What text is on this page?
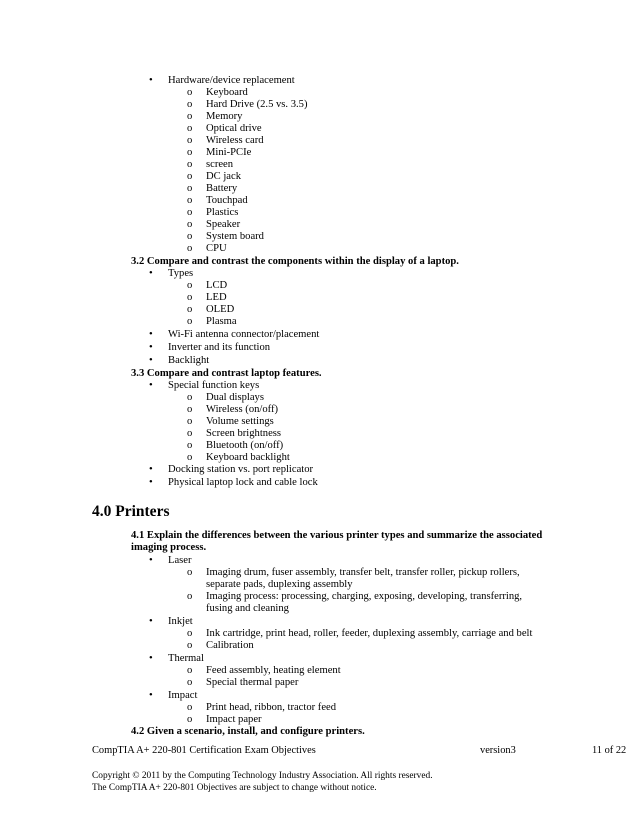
• Hardware/device replacement
o Keyboard
o Hard Drive (2.5 vs. 3.5)
o Memory
o Optical drive
o Wireless card
o Mini-PCIe
o screen
o DC jack
o Battery
o Touchpad
o Plastics
o Speaker
o System board
o CPU
3.2 Compare and contrast the components within the display of a laptop.
• Types
o LCD
o LED
o OLED
o Plasma
• Wi-Fi antenna connector/placement
• Inverter and its function
• Backlight
3.3 Compare and contrast laptop features.
• Special function keys
o Dual displays
o Wireless (on/off)
o Volume settings
o Screen brightness
o Bluetooth (on/off)
o Keyboard backlight
• Docking station vs. port replicator
• Physical laptop lock and cable lock
4.0 Printers
4.1 Explain the differences between the various printer types and summarize the associated
imaging process.
• Laser
o Imaging drum, fuser assembly, transfer belt, transfer roller, pickup rollers,
separate pads, duplexing assembly
o Imaging process: processing, charging, exposing, developing, transferring,
fusing and cleaning
• Inkjet
o Ink cartridge, print head, roller, feeder, duplexing assembly, carriage and belt
o Calibration
• Thermal
o Feed assembly, heating element
o Special thermal paper
• Impact
o Print head, ribbon, tractor feed
o Impact paper
4.2 Given a scenario, install, and configure printers.
CompTIA A+ 220-801 Certification Exam Objectives	version3	11 of 22
Copyright © 2011 by the Computing Technology Industry Association. All rights reserved.
The CompTIA A+ 220-801 Objectives are subject to change without notice.
